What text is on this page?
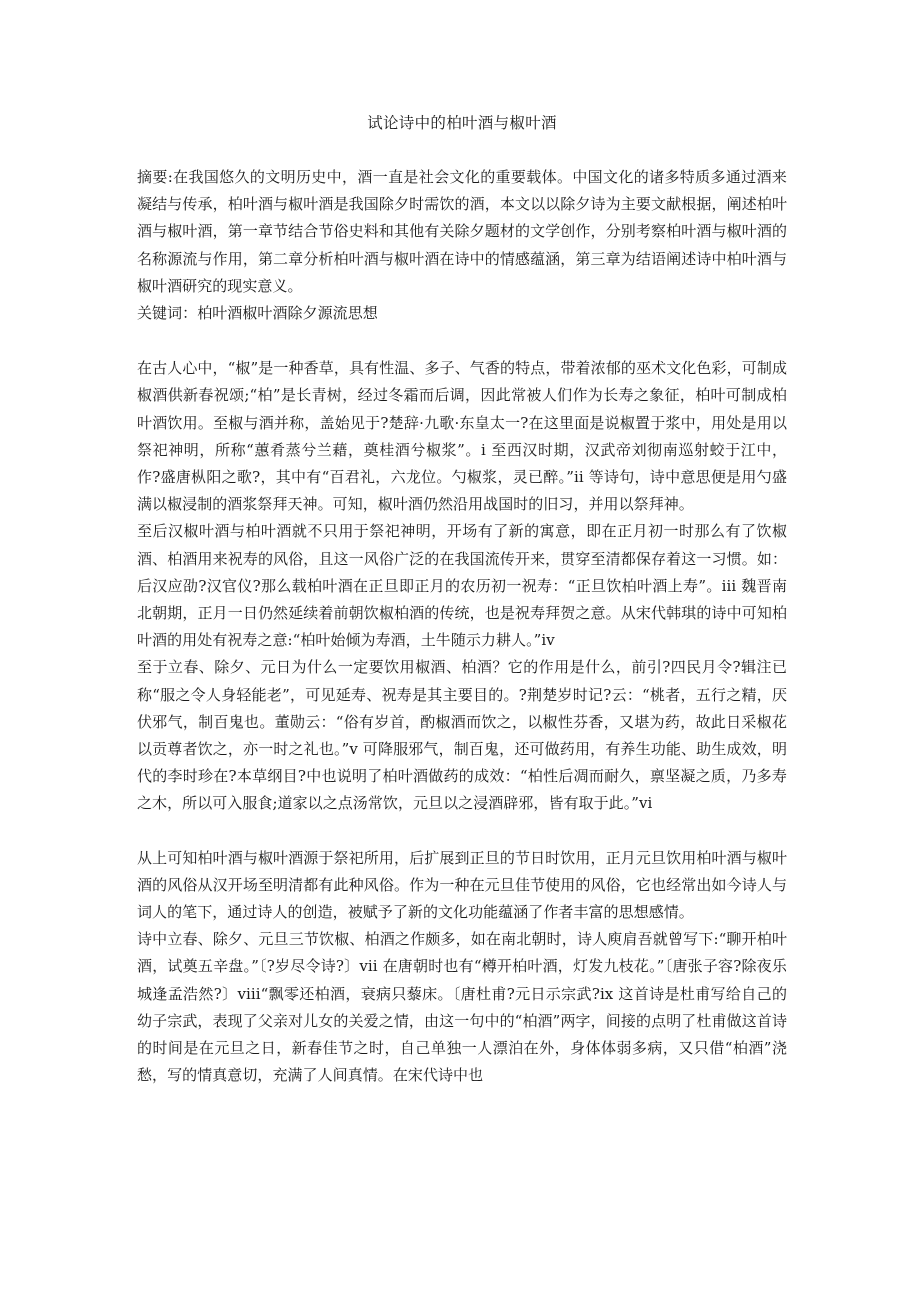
试论诗中的柏叶酒与椒叶酒

摘要:在我国悠久的文明历史中，酒一直是社会文化的重要载体。中国文化的诸多特质多通过酒来凝结与传承，柏叶酒与椒叶酒是我国除夕时需饮的酒，本文以以除夕诗为主要文献根据，阐述柏叶酒与椒叶酒，第一章节结合节俗史料和其他有关除夕题材的文学创作，分别考察柏叶酒与椒叶酒的名称源流与作用，第二章分析柏叶酒与椒叶酒在诗中的情感蕴涵，第三章为结语阐述诗中柏叶酒与椒叶酒研究的现实意义。

关键词：柏叶酒椒叶酒除夕源流思想

在古人心中，“椒”是一种香草，具有性温、多子、气香的特点，带着浓郁的巫术文化色彩，可制成椒酒供新春祝颂;“柏”是长青树，经过冬霜而后调，因此常被人们作为长寿之象征，柏叶可制成柏叶酒饮用。至椒与酒并称，盖始见于?楚辞·九歌·东皇太一?在这里面是说椒置于浆中，用处是用以祭祀神明，所称“蕙肴蒸兮兰藉，奠桂酒兮椒浆”。i 至西汉时期，汉武帝刘彻南巡射蛟于江中，作?盛唐枞阳之歌?，其中有“百君礼，六龙位。勺椒浆，灵已醉。”ii 等诗句，诗中意思便是用勺盛满以椒浸制的酒浆祭拜天神。可知，椒叶酒仍然沿用战国时的旧习，并用以祭拜神。

至后汉椒叶酒与柏叶酒就不只用于祭祀神明，开场有了新的寓意，即在正月初一时那么有了饮椒酒、柏酒用来祝寿的风俗，且这一风俗广泛的在我国流传开来，贯穿至清都保存着这一习惯。如：后汉应劭?汉官仪?那么载柏叶酒在正旦即正月的农历初一祝寿：“正旦饮柏叶酒上寿”。iii 魏晋南北朝期，正月一日仍然延续着前朝饮椒柏酒的传统，也是祝寿拜贺之意。从宋代韩琪的诗中可知柏叶酒的用处有祝寿之意:“柏叶始倾为寿酒，土牛随示力耕人。”iv

至于立春、除夕、元日为什么一定要饮用椒酒、柏酒？它的作用是什么，前引?四民月令?辑注已称“服之令人身轻能老”，可见延寿、祝寿是其主要目的。?荆楚岁时记?云：“桃者，五行之精，厌伏邪气，制百鬼也。董勋云：“俗有岁首，酌椒酒而饮之，以椒性芬香，又堪为药，故此日采椒花以贡尊者饮之，亦一时之礼也。”v 可降服邪气，制百鬼，还可做药用，有养生功能、助生成效，明代的李时珍在?本草纲目?中也说明了柏叶酒做药的成效：“柏性后凋而耐久，禀坚凝之质，乃多寿之木，所以可入服食;道家以之点汤常饮，元旦以之浸酒辟邪，皆有取于此。”vi

从上可知柏叶酒与椒叶酒源于祭祀所用，后扩展到正旦的节日时饮用，正月元旦饮用柏叶酒与椒叶酒的风俗从汉开场至明清都有此种风俗。作为一种在元旦佳节使用的风俗，它也经常出如今诗人与词人的笔下，通过诗人的创造，被赋予了新的文化功能蕴涵了作者丰富的思想感情。

诗中立春、除夕、元旦三节饮椒、柏酒之作颇多，如在南北朝时，诗人庾肩吾就曾写下:“聊开柏叶酒，试奠五辛盘。”〔?岁尽令诗?〕vii 在唐朝时也有“樽开柏叶酒，灯发九枝花。”〔唐张子容?除夜乐城逢孟浩然?〕viii“飘零还柏酒，衰病只藜床。〔唐杜甫?元日示宗武?ix 这首诗是杜甫写给自己的幼子宗武，表现了父亲对儿女的关爱之情，由这一句中的“柏酒”两字，间接的点明了杜甫做这首诗的时间是在元旦之日，新春佳节之时，自己单独一人漂泊在外，身体体弱多病，又只借“柏酒”浇愁，写的情真意切，充满了人间真情。在宋代诗中也
